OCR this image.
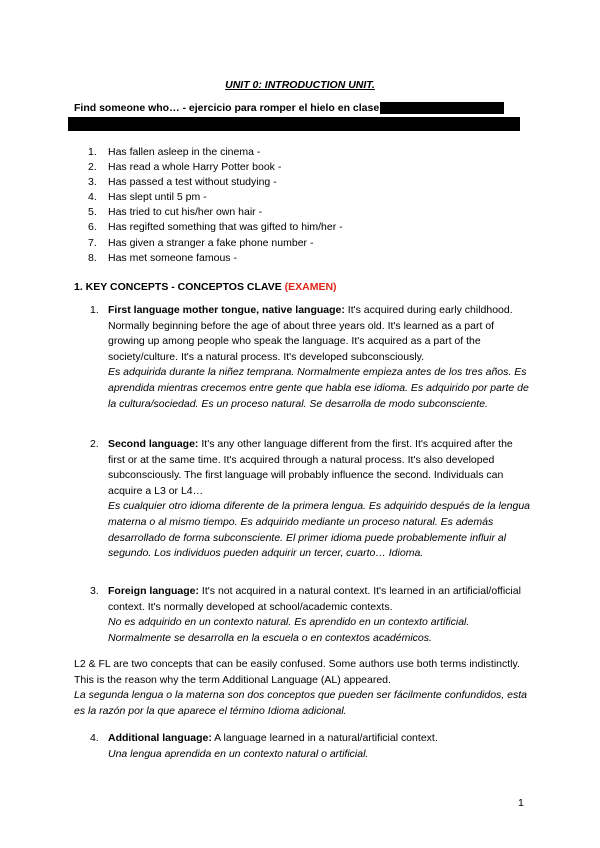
UNIT 0: INTRODUCTION UNIT.
Find someone who… - ejercicio para romper el hielo en clase
1.	Has fallen asleep in the cinema -
2.	Has read a whole Harry Potter book -
3.	Has passed a test without studying -
4.	Has slept until 5 pm -
5.	Has tried to cut his/her own hair -
6.	Has regifted something that was gifted to him/her -
7.	Has given a stranger a fake phone number -
8.	Has met someone famous -
1. KEY CONCEPTS - CONCEPTOS CLAVE (EXAMEN)
1. First language mother tongue, native language: It's acquired during early childhood. Normally beginning before the age of about three years old. It's learned as a part of growing up among people who speak the language. It's acquired as a part of the society/culture. It's a natural process. It's developed subconsciously.
Es adquirida durante la niñez temprana. Normalmente empieza antes de los tres años. Es aprendida mientras crecemos entre gente que habla ese idioma. Es adquirido por parte de la cultura/sociedad. Es un proceso natural. Se desarrolla de modo subconsciente.
2. Second language: It's any other language different from the first. It's acquired after the first or at the same time. It's acquired through a natural process. It's also developed subconsciously. The first language will probably influence the second. Individuals can acquire a L3 or L4…
Es cualquier otro idioma diferente de la primera lengua. Es adquirido después de la lengua materna o al mismo tiempo. Es adquirido mediante un proceso natural. Es además desarrollado de forma subconsciente. El primer idioma puede probablemente influir al segundo. Los individuos pueden adquirir un tercer, cuarto… Idioma.
3. Foreign language: It's not acquired in a natural context. It's learned in an artificial/official context. It's normally developed at school/academic contexts.
No es adquirido en un contexto natural. Es aprendido en un contexto artificial. Normalmente se desarrolla en la escuela o en contextos académicos.
L2 & FL are two concepts that can be easily confused. Some authors use both terms indistinctly. This is the reason why the term Additional Language (AL) appeared.
La segunda lengua o la materna son dos conceptos que pueden ser fácilmente confundidos, esta es la razón por la que aparece el término Idioma adicional.
4. Additional language: A language learned in a natural/artificial context.
Una lengua aprendida en un contexto natural o artificial.
1
